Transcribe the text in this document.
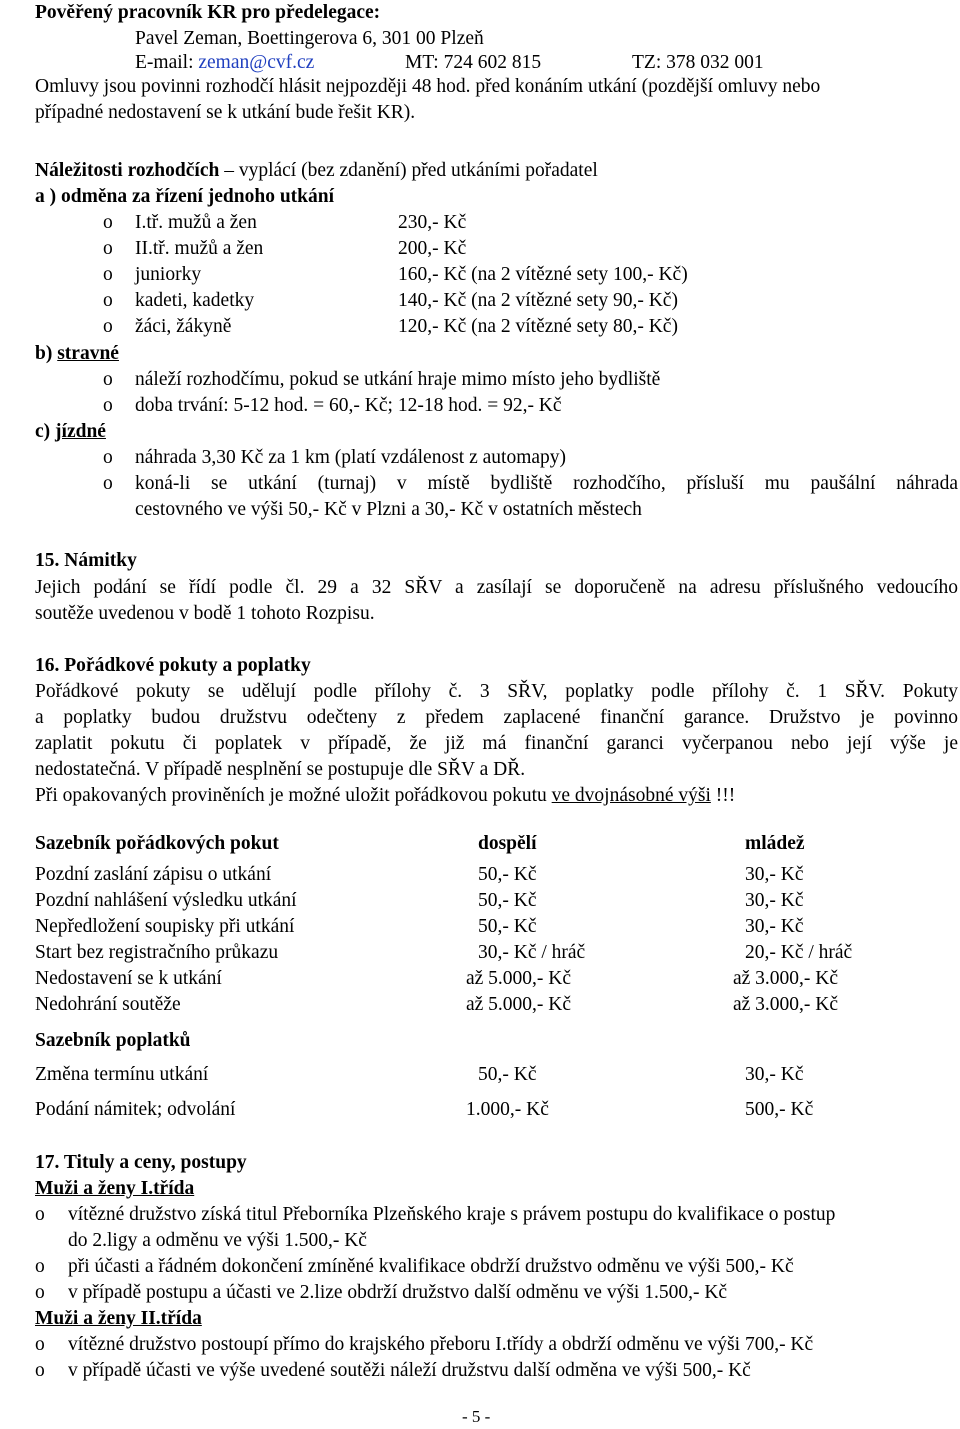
Pověřený pracovník KR pro předelegace:
Pavel Zeman, Boettingerova 6, 301 00 Plzeň
E-mail: zeman@cvf.cz	MT: 724 602 815	TZ: 378 032 001
Omluvy jsou povinni rozhodčí hlásit nejpozději 48 hod. před konáním utkání (pozdější omluvy nebo
případné nedostavení se k utkání bude řešit KR).
Náležitosti rozhodčích – vyplácí (bez zdanění) před utkáními pořadatel
a ) odměna za řízení jednoho utkání
o I.tř. mužů a žen	230,- Kč
o II.tř. mužů a žen	200,- Kč
o juniorky	160,- Kč (na 2 vítězné sety 100,- Kč)
o kadeti, kadetky	140,- Kč (na 2 vítězné sety 90,- Kč)
o žáci, žákyně	120,- Kč (na 2 vítězné sety 80,- Kč)
b) stravné
o náleží rozhodčímu, pokud se utkání hraje mimo místo jeho bydliště
o doba trvání: 5-12 hod. = 60,- Kč; 12-18 hod. = 92,- Kč
c) jízdné
o náhrada 3,30 Kč za 1 km (platí vzdálenost z automapy)
o koná-li se utkání (turnaj) v místě bydliště rozhodčího, přísluší mu paušální náhrada
cestovného ve výši 50,- Kč v Plzni a 30,- Kč v ostatních městech
15. Námitky
Jejich podání se řídí podle čl. 29 a 32 SŘV a zasílají se doporučeně na adresu příslušného vedoucího
soutěže uvedenou v bodě 1 tohoto Rozpisu.
16. Pořádkové pokuty a poplatky
Pořádkové pokuty se udělují podle přílohy č. 3 SŘV, poplatky podle přílohy č. 1 SŘV. Pokuty
a poplatky budou družstvu odečteny z předem zaplacené finanční garance. Družstvo je povinno
zaplatit pokutu či poplatek v případě, že již má finanční garanci vyčerpanou nebo její výše je
nedostatečná. V případě nesplnění se postupuje dle SŘV a DŘ.
Při opakovaných proviněních je možné uložit pořádkovou pokutu ve dvojnásobné výši !!!
Sazebník pořádkových pokut	dospělí	mládež
Pozdní zaslání zápisu o utkání	50,- Kč	30,- Kč
Pozdní nahlášení výsledku utkání	50,- Kč	30,- Kč
Nepředložení soupisky při utkání	50,- Kč	30,- Kč
Start bez registračního průkazu	30,- Kč / hráč	20,- Kč / hráč
Nedostavení se k utkání	až 5.000,- Kč	až 3.000,- Kč
Nedohrání soutěže	až 5.000,- Kč	až 3.000,- Kč
Sazebník poplatků
Změna termínu utkání	50,- Kč	30,- Kč
Podání námitek; odvolání	1.000,- Kč	500,- Kč
17. Tituly a ceny, postupy
Muži a ženy I.třída
o vítězné družstvo získá titul Přeborníka Plzeňského kraje s právem postupu do kvalifikace o postup
do 2.ligy a odměnu ve výši 1.500,- Kč
o při účasti a řádném dokončení zmíněné kvalifikace obdrží družstvo odměnu ve výši 500,- Kč
o v případě postupu a účasti ve 2.lize obdrží družstvo další odměnu ve výši 1.500,- Kč
Muži a ženy II.třída
o vítězné družstvo postoupí přímo do krajského přeboru I.třídy a obdrží odměnu ve výši 700,- Kč
o v případě účasti ve výše uvedené soutěži náleží družstvu další odměna ve výši 500,- Kč
- 5 -
